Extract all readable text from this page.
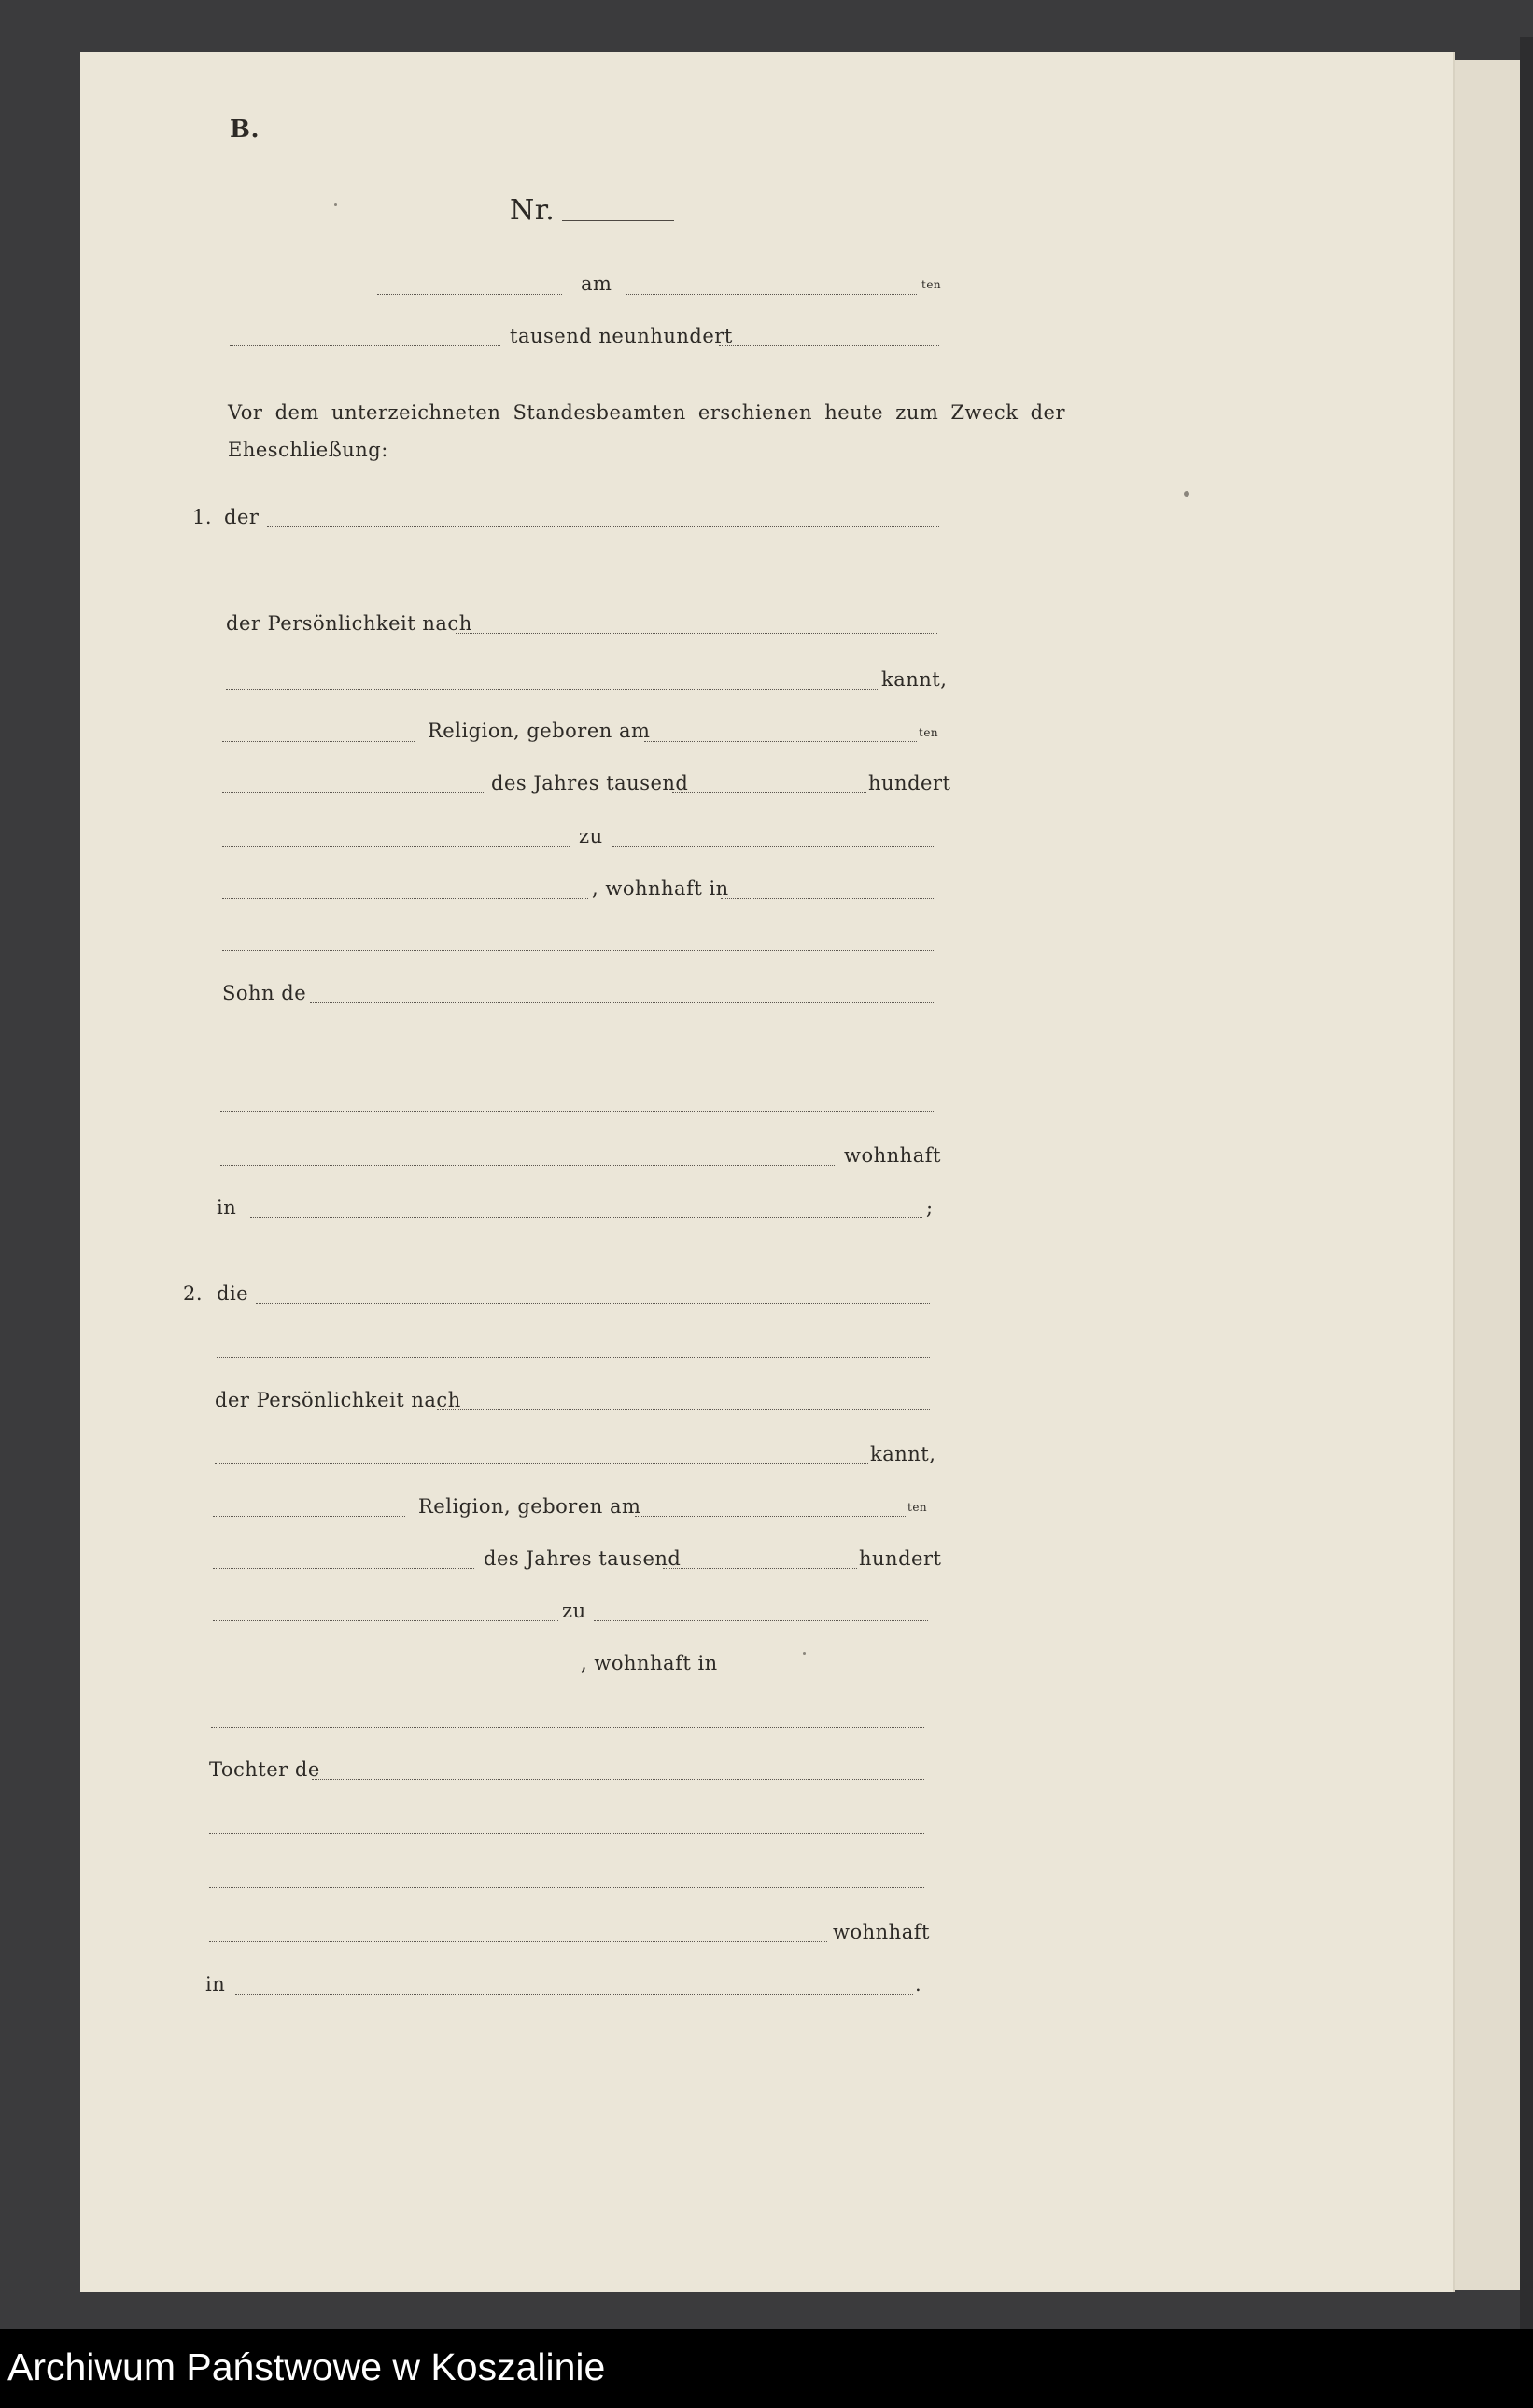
B.
Nr.
am	ten
tausend neunhundert
Vor dem unterzeichneten Standesbeamten erschienen heute zum Zweck der
Eheschließung:
1. der
der Persönlichkeit nach
kannt,
Religion, geboren am	ten
des Jahres tausend	hundert
zu
, wohnhaft in
Sohn de
wohnhaft
in	;
2. die
der Persönlichkeit nach
kannt,
Religion, geboren am	ten
des Jahres tausend	hundert
zu
, wohnhaft in
Tochter de
wohnhaft
in	.
Archiwum Państwowe w Koszalinie
